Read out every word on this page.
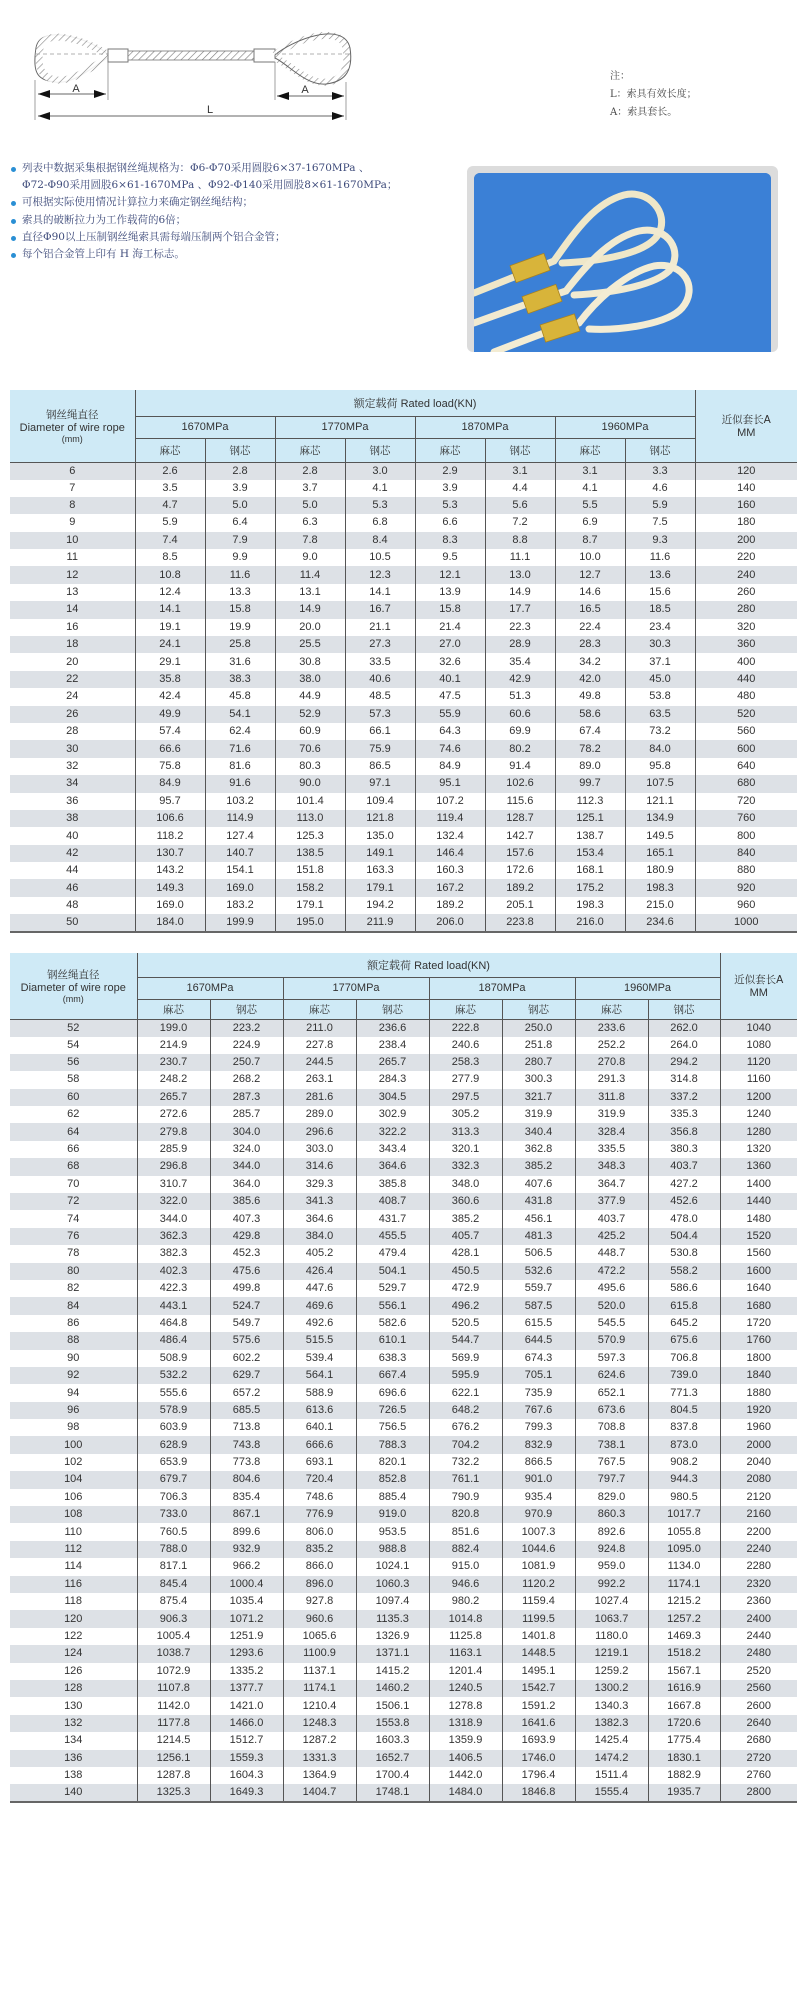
A	A
L
注：
L：索具有效长度；
A：索具套长。
列表中数据采集根据钢丝绳规格为：Φ6-Φ70采用圆股6×37-1670MPa 、
Φ72-Φ90采用圆股6×61-1670MPa 、Φ92-Φ140采用圆股8×61-1670MPa；
可根据实际使用情况计算拉力来确定钢丝绳结构；
索具的破断拉力为工作载荷的6倍；
直径Φ90以上压制钢丝绳索具需每端压制两个铝合金管；
每个铝合金管上印有 H 海工标志。
钢丝绳直径
Diameter of wire rope
(mm)	额定载荷 Rated load(KN)								近似套长A
MM

	1670MPa		1770MPa		1870MPa		1960MPa		
	麻芯	钢芯	麻芯	钢芯	麻芯	钢芯	麻芯	钢芯	
6	2.6	2.8	2.8	3.0	2.9	3.1	3.1	3.3	120
7	3.5	3.9	3.7	4.1	3.9	4.4	4.1	4.6	140
8	4.7	5.0	5.0	5.3	5.3	5.6	5.5	5.9	160
9	5.9	6.4	6.3	6.8	6.6	7.2	6.9	7.5	180
10	7.4	7.9	7.8	8.4	8.3	8.8	8.7	9.3	200
11	8.5	9.9	9.0	10.5	9.5	11.1	10.0	11.6	220
12	10.8	11.6	11.4	12.3	12.1	13.0	12.7	13.6	240
13	12.4	13.3	13.1	14.1	13.9	14.9	14.6	15.6	260
14	14.1	15.8	14.9	16.7	15.8	17.7	16.5	18.5	280
16	19.1	19.9	20.0	21.1	21.4	22.3	22.4	23.4	320
18	24.1	25.8	25.5	27.3	27.0	28.9	28.3	30.3	360
20	29.1	31.6	30.8	33.5	32.6	35.4	34.2	37.1	400
22	35.8	38.3	38.0	40.6	40.1	42.9	42.0	45.0	440
24	42.4	45.8	44.9	48.5	47.5	51.3	49.8	53.8	480
26	49.9	54.1	52.9	57.3	55.9	60.6	58.6	63.5	520
28	57.4	62.4	60.9	66.1	64.3	69.9	67.4	73.2	560
30	66.6	71.6	70.6	75.9	74.6	80.2	78.2	84.0	600
32	75.8	81.6	80.3	86.5	84.9	91.4	89.0	95.8	640
34	84.9	91.6	90.0	97.1	95.1	102.6	99.7	107.5	680
36	95.7	103.2	101.4	109.4	107.2	115.6	112.3	121.1	720
38	106.6	114.9	113.0	121.8	119.4	128.7	125.1	134.9	760
40	118.2	127.4	125.3	135.0	132.4	142.7	138.7	149.5	800
42	130.7	140.7	138.5	149.1	146.4	157.6	153.4	165.1	840
44	143.2	154.1	151.8	163.3	160.3	172.6	168.1	180.9	880
46	149.3	169.0	158.2	179.1	167.2	189.2	175.2	198.3	920
48	169.0	183.2	179.1	194.2	189.2	205.1	198.3	215.0	960
50	184.0	199.9	195.0	211.9	206.0	223.8	216.0	234.6	1000
钢丝绳直径
Diameter of wire rope
(mm)	额定载荷 Rated load(KN)								近似套长A
MM

	1670MPa		1770MPa		1870MPa		1960MPa		
	麻芯	钢芯	麻芯	钢芯	麻芯	钢芯	麻芯	钢芯	
52	199.0	223.2	211.0	236.6	222.8	250.0	233.6	262.0	1040
54	214.9	224.9	227.8	238.4	240.6	251.8	252.2	264.0	1080
56	230.7	250.7	244.5	265.7	258.3	280.7	270.8	294.2	1120
58	248.2	268.2	263.1	284.3	277.9	300.3	291.3	314.8	1160
60	265.7	287.3	281.6	304.5	297.5	321.7	311.8	337.2	1200
62	272.6	285.7	289.0	302.9	305.2	319.9	319.9	335.3	1240
64	279.8	304.0	296.6	322.2	313.3	340.4	328.4	356.8	1280
66	285.9	324.0	303.0	343.4	320.1	362.8	335.5	380.3	1320
68	296.8	344.0	314.6	364.6	332.3	385.2	348.3	403.7	1360
70	310.7	364.0	329.3	385.8	348.0	407.6	364.7	427.2	1400
72	322.0	385.6	341.3	408.7	360.6	431.8	377.9	452.6	1440
74	344.0	407.3	364.6	431.7	385.2	456.1	403.7	478.0	1480
76	362.3	429.8	384.0	455.5	405.7	481.3	425.2	504.4	1520
78	382.3	452.3	405.2	479.4	428.1	506.5	448.7	530.8	1560
80	402.3	475.6	426.4	504.1	450.5	532.6	472.2	558.2	1600
82	422.3	499.8	447.6	529.7	472.9	559.7	495.6	586.6	1640
84	443.1	524.7	469.6	556.1	496.2	587.5	520.0	615.8	1680
86	464.8	549.7	492.6	582.6	520.5	615.5	545.5	645.2	1720
88	486.4	575.6	515.5	610.1	544.7	644.5	570.9	675.6	1760
90	508.9	602.2	539.4	638.3	569.9	674.3	597.3	706.8	1800
92	532.2	629.7	564.1	667.4	595.9	705.1	624.6	739.0	1840
94	555.6	657.2	588.9	696.6	622.1	735.9	652.1	771.3	1880
96	578.9	685.5	613.6	726.5	648.2	767.6	673.6	804.5	1920
98	603.9	713.8	640.1	756.5	676.2	799.3	708.8	837.8	1960
100	628.9	743.8	666.6	788.3	704.2	832.9	738.1	873.0	2000
102	653.9	773.8	693.1	820.1	732.2	866.5	767.5	908.2	2040
104	679.7	804.6	720.4	852.8	761.1	901.0	797.7	944.3	2080
106	706.3	835.4	748.6	885.4	790.9	935.4	829.0	980.5	2120
108	733.0	867.1	776.9	919.0	820.8	970.9	860.3	1017.7	2160
110	760.5	899.6	806.0	953.5	851.6	1007.3	892.6	1055.8	2200
112	788.0	932.9	835.2	988.8	882.4	1044.6	924.8	1095.0	2240
114	817.1	966.2	866.0	1024.1	915.0	1081.9	959.0	1134.0	2280
116	845.4	1000.4	896.0	1060.3	946.6	1120.2	992.2	1174.1	2320
118	875.4	1035.4	927.8	1097.4	980.2	1159.4	1027.4	1215.2	2360
120	906.3	1071.2	960.6	1135.3	1014.8	1199.5	1063.7	1257.2	2400
122	1005.4	1251.9	1065.6	1326.9	1125.8	1401.8	1180.0	1469.3	2440
124	1038.7	1293.6	1100.9	1371.1	1163.1	1448.5	1219.1	1518.2	2480
126	1072.9	1335.2	1137.1	1415.2	1201.4	1495.1	1259.2	1567.1	2520
128	1107.8	1377.7	1174.1	1460.2	1240.5	1542.7	1300.2	1616.9	2560
130	1142.0	1421.0	1210.4	1506.1	1278.8	1591.2	1340.3	1667.8	2600
132	1177.8	1466.0	1248.3	1553.8	1318.9	1641.6	1382.3	1720.6	2640
134	1214.5	1512.7	1287.2	1603.3	1359.9	1693.9	1425.4	1775.4	2680
136	1256.1	1559.3	1331.3	1652.7	1406.5	1746.0	1474.2	1830.1	2720
138	1287.8	1604.3	1364.9	1700.4	1442.0	1796.4	1511.4	1882.9	2760
140	1325.3	1649.3	1404.7	1748.1	1484.0	1846.8	1555.4	1935.7	2800
